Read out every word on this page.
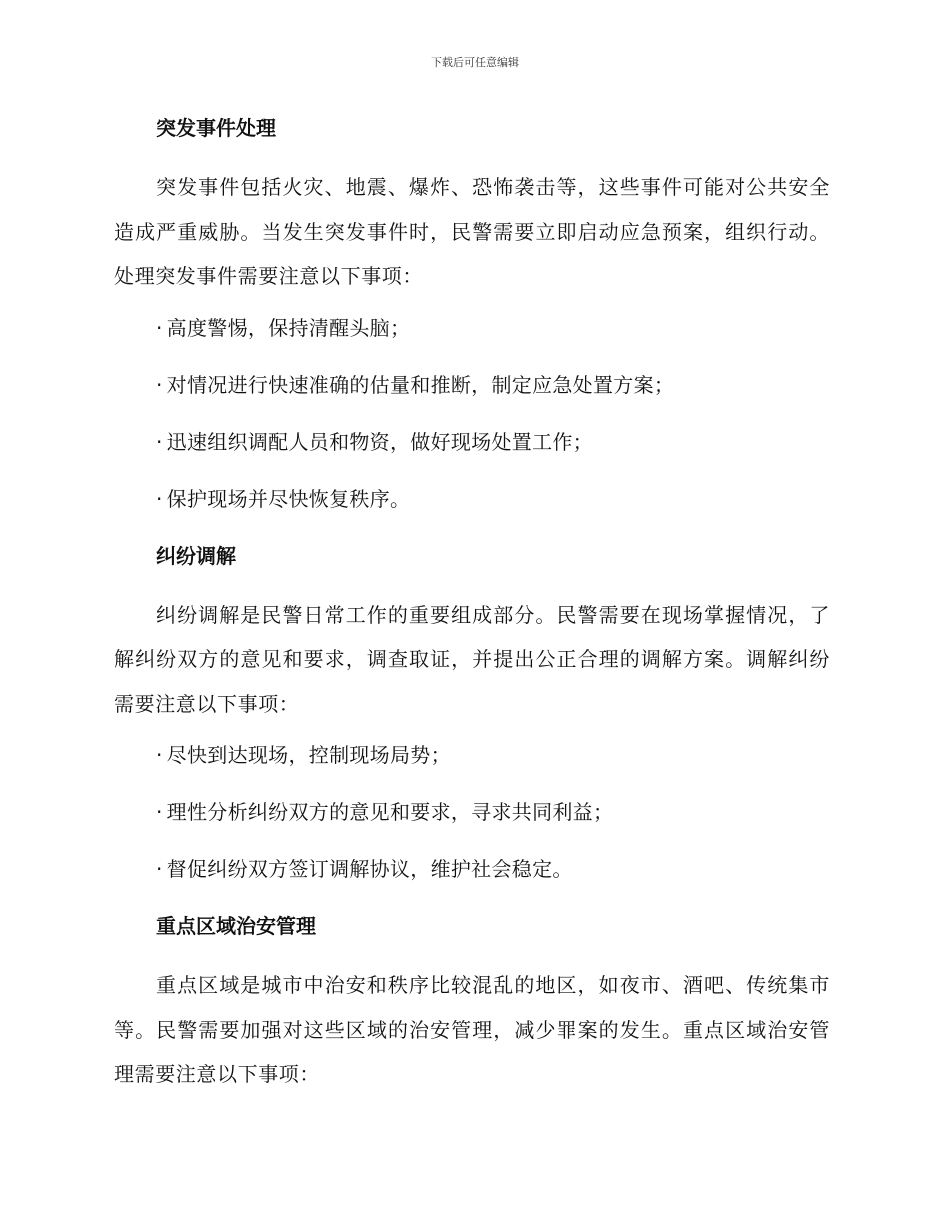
下载后可任意编辑
突发事件处理
突发事件包括火灾、地震、爆炸、恐怖袭击等，这些事件可能对公共安全造成严重威胁。当发生突发事件时，民警需要立即启动应急预案，组织行动。处理突发事件需要注意以下事项：
· 高度警惕，保持清醒头脑；
· 对情况进行快速准确的估量和推断，制定应急处置方案；
· 迅速组织调配人员和物资，做好现场处置工作；
· 保护现场并尽快恢复秩序。
纠纷调解
纠纷调解是民警日常工作的重要组成部分。民警需要在现场掌握情况，了解纠纷双方的意见和要求，调查取证，并提出公正合理的调解方案。调解纠纷需要注意以下事项：
· 尽快到达现场，控制现场局势；
· 理性分析纠纷双方的意见和要求，寻求共同利益；
· 督促纠纷双方签订调解协议，维护社会稳定。
重点区域治安管理
重点区域是城市中治安和秩序比较混乱的地区，如夜市、酒吧、传统集市等。民警需要加强对这些区域的治安管理，减少罪案的发生。重点区域治安管理需要注意以下事项：
